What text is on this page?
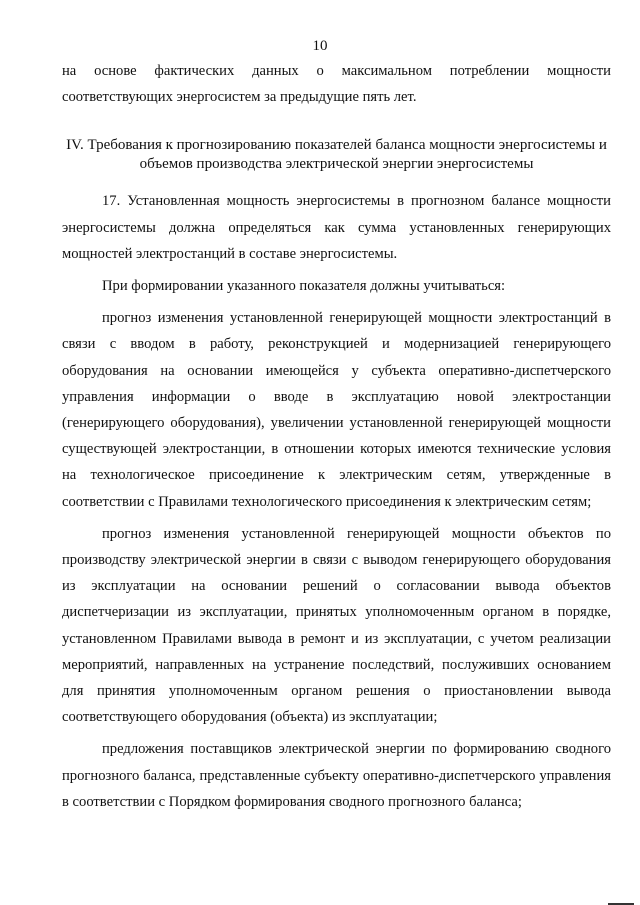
10

на основе фактических данных о максимальном потреблении мощности соответствующих энергосистем за предыдущие пять лет.

IV. Требования к прогнозированию показателей баланса мощности энергосистемы и объемов производства электрической энергии энергосистемы

17. Установленная мощность энергосистемы в прогнозном балансе мощности энергосистемы должна определяться как сумма установленных генерирующих мощностей электростанций в составе энергосистемы.

При формировании указанного показателя должны учитываться:

прогноз изменения установленной генерирующей мощности электростанций в связи с вводом в работу, реконструкцией и модернизацией генерирующего оборудования на основании имеющейся у субъекта оперативно-диспетчерского управления информации о вводе в эксплуатацию новой электростанции (генерирующего оборудования), увеличении установленной генерирующей мощности существующей электростанции, в отношении которых имеются технические условия на технологическое присоединение к электрическим сетям, утвержденные в соответствии с Правилами технологического присоединения к электрическим сетям;

прогноз изменения установленной генерирующей мощности объектов по производству электрической энергии в связи с выводом генерирующего оборудования из эксплуатации на основании решений о согласовании вывода объектов диспетчеризации из эксплуатации, принятых уполномоченным органом в порядке, установленном Правилами вывода в ремонт и из эксплуатации, с учетом реализации мероприятий, направленных на устранение последствий, послуживших основанием для принятия уполномоченным органом решения о приостановлении вывода соответствующего оборудования (объекта) из эксплуатации;

предложения поставщиков электрической энергии по формированию сводного прогнозного баланса, представленные субъекту оперативно-диспетчерского управления в соответствии с Порядком формирования сводного прогнозного баланса;
